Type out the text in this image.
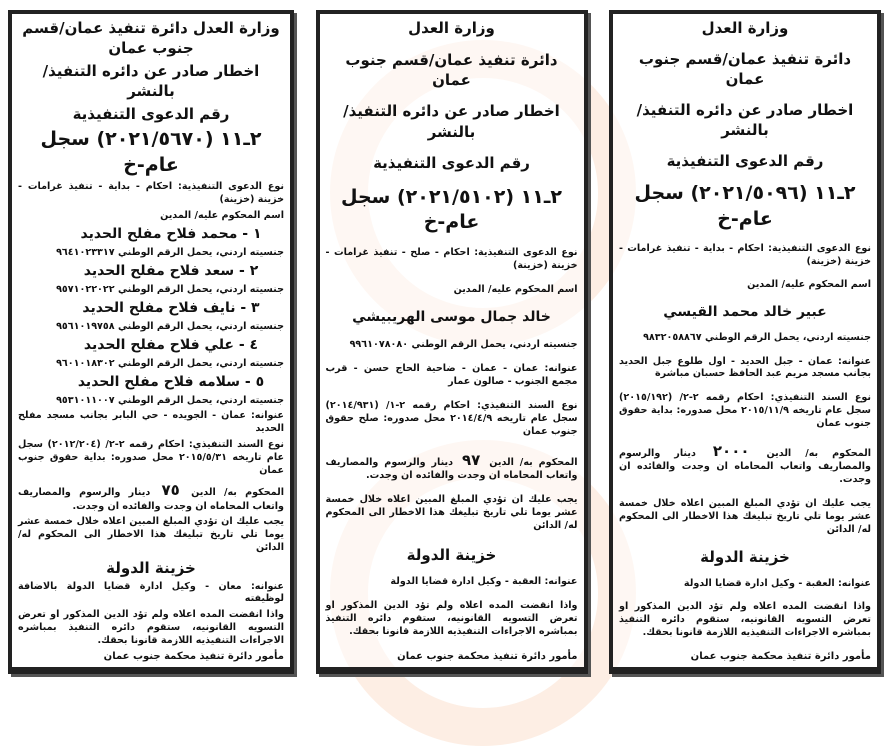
وزارة العدل
دائرة تنفيذ عمان/قسم جنوب عمان
اخطار صادر عن دائره التنفيذ/ بالنشر
رقم الدعوى التنفيذية
٢ـ١١ (٢٠٢١/٥٠٩٦) سجل عام-خ
نوع الدعوى التنفيذية: احكام - بداية - تنفيذ غرامات - خزينة (خزينة)
اسم المحكوم عليه/ المدين
عبير خالد محمد القيسي
جنسيته اردني، يحمل الرقم الوطني ٩٨٣٢٠٥٨٨٦٧
عنوانه: عمان - جبل الحديد - اول طلوع جبل الحديد بجانب مسجد مريم عبد الحافظ حسبان مباشرة
نوع السند التنفيذي: احكام رقمه ٢-٢/ (٢٠١٥/١٩٢) سجل عام تاريخه ٢٠١٥/١١/٩ محل صدوره: بداية حقوق جنوب عمان
المحكوم به/ الدين ٢٠٠٠ دينار والرسوم والمصاريف واتعاب المحاماه ان وجدت والفائده ان وجدت.
يجب عليك ان تؤدي المبلغ المبين اعلاه خلال خمسة عشر يوما تلي تاريخ تبليغك هذا الاخطار الى المحكوم له/ الدائن
خزينة الدولة
عنوانه: العقبة - وكيل ادارة قضايا الدولة
واذا انقضت المده اعلاه ولم تؤد الدين المذكور او تعرض التسويه القانونيه، ستقوم دائره التنفيذ بمباشره الاجراءات التنفيذيه اللازمة قانونا بحقك.
مأمور دائرة تنفيذ محكمة جنوب عمان
وزارة العدل
دائرة تنفيذ عمان/قسم جنوب عمان
اخطار صادر عن دائره التنفيذ/ بالنشر
رقم الدعوى التنفيذية
٢ـ١١ (٢٠٢١/٥١٠٢) سجل عام-خ
نوع الدعوى التنفيذية: احكام - صلح - تنفيذ غرامات - خزينة (خزينة)
اسم المحكوم عليه/ المدين
خالد جمال موسى الهريبيشي
جنسيته اردني، يحمل الرقم الوطني ٩٩٦١٠٧٨٠٨٠
عنوانه: عمان - عمان - ضاحية الحاج حسن - قرب مجمع الجنوب - صالون عمار
نوع السند التنفيذي: احكام رقمه ٢-١/ (٢٠١٤/٩٣١) سجل عام تاريخه ٢٠١٤/٤/٩ محل صدوره: صلح حقوق جنوب عمان
المحكوم به/ الدين ٩٧ دينار والرسوم والمصاريف واتعاب المحاماه ان وجدت والفائده ان وجدت.
يجب عليك ان تؤدي المبلغ المبين اعلاه خلال خمسة عشر يوما تلي تاريخ تبليغك هذا الاخطار الى المحكوم له/ الدائن
خزينة الدولة
عنوانه: العقبة - وكيل ادارة قضايا الدولة
واذا انقضت المده اعلاه ولم تؤد الدين المذكور او تعرض التسويه القانونيه، ستقوم دائره التنفيذ بمباشره الاجراءات التنفيذيه اللازمة قانونا بحقك.
مأمور دائرة تنفيذ محكمة جنوب عمان
وزارة العدل دائرة تنفيذ عمان/قسم جنوب عمان
اخطار صادر عن دائره التنفيذ/ بالنشر
رقم الدعوى التنفيذية
٢ـ١١ (٢٠٢١/٥٦٧٠) سجل عام-خ
نوع الدعوى التنفيذية: احكام - بداية - تنفيذ غرامات - خزينة (خزينة)
اسم المحكوم عليه/ المدين
١ - محمد فلاح مفلح الحديد
جنسيته اردني، يحمل الرقم الوطني ٩٦٤١٠٢٣٣١٧
٢ - سعد فلاح مفلح الحديد
جنسيته اردني، يحمل الرقم الوطني ٩٥٧١٠٢٢٠٢٢
٣ - نايف فلاح مفلح الحديد
جنسيته اردني، يحمل الرقم الوطني ٩٥٦١٠١٩٧٥٨
٤ - علي فلاح مفلح الحديد
جنسيته اردني، يحمل الرقم الوطني ٩٦٠١٠١٨٣٠٢
٥ - سلامه فلاح مفلح الحديد
جنسيته اردني، يحمل الرقم الوطني ٩٥٣١٠١١٠٠٧
عنوانه: عمان - الجويده - حي البابر بجانب مسجد مفلح الحديد
نوع السند التنفيذي: احكام رقمه ٢-٢/ (٢٠١٢/٢٠٤) سجل عام تاريخه ٢٠١٥/٥/٣١ محل صدوره: بداية حقوق جنوب عمان
المحكوم به/ الدين ٧٥ دينار والرسوم والمصاريف واتعاب المحاماه ان وجدت والفائده ان وجدت.
يجب عليك ان تؤدي المبلغ المبين اعلاه خلال خمسة عشر يوما تلي تاريخ تبليغك هذا الاخطار الى المحكوم له/ الدائن
خزينة الدولة
عنوانه: معان - وكيل ادارة قضايا الدولة بالاضافة لوظيفته
واذا انقضت المده اعلاه ولم تؤد الدين المذكور او تعرض التسويه القانونيه، ستقوم دائره التنفيذ بمباشره الاجراءات التنفيذيه اللازمة قانونا بحقك.
مأمور دائرة تنفيذ محكمة جنوب عمان
